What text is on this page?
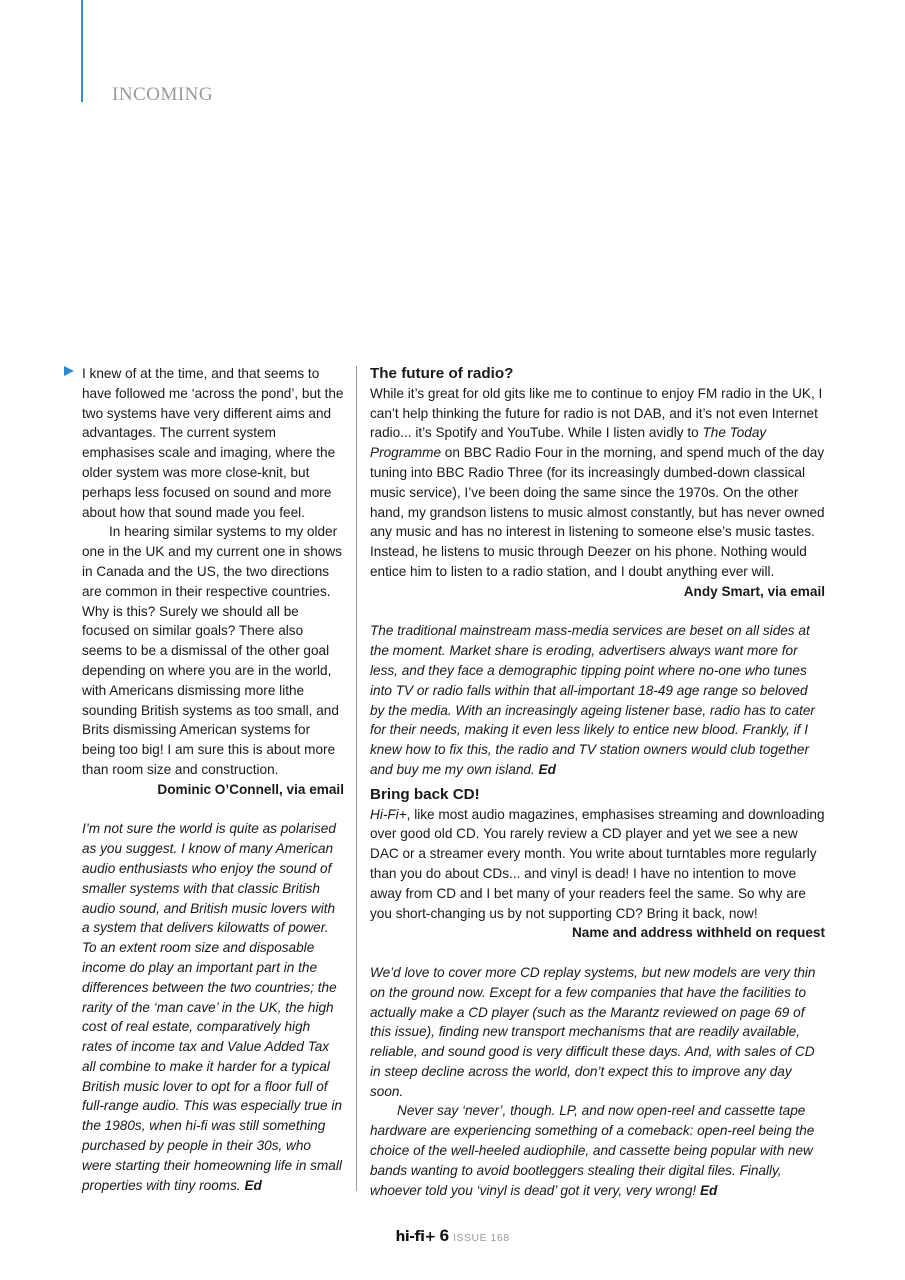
INCOMING

I knew of at the time, and that seems to have followed me ‘across the pond’, but the two systems have very different aims and advantages. The current system emphasises scale and imaging, where the older system was more close-knit, but perhaps less focused on sound and more about how that sound made you feel.

In hearing similar systems to my older one in the UK and my current one in shows in Canada and the US, the two directions are common in their respective countries. Why is this? Surely we should all be focused on similar goals? There also seems to be a dismissal of the other goal depending on where you are in the world, with Americans dismissing more lithe sounding British systems as too small, and Brits dismissing American systems for being too big! I am sure this is about more than room size and construction.

Dominic O’Connell, via email

I’m not sure the world is quite as polarised as you suggest. I know of many American audio enthusiasts who enjoy the sound of smaller systems with that classic British audio sound, and British music lovers with a system that delivers kilowatts of power. To an extent room size and disposable income do play an important part in the differences between the two countries; the rarity of the ‘man cave’ in the UK, the high cost of real estate, comparatively high rates of income tax and Value Added Tax all combine to make it harder for a typical British music lover to opt for a floor full of full-range audio. This was especially true in the 1980s, when hi-fi was still something purchased by people in their 30s, who were starting their homeowning life in small properties with tiny rooms. Ed

The future of radio?

While it’s great for old gits like me to continue to enjoy FM radio in the UK, I can’t help thinking the future for radio is not DAB, and it’s not even Internet radio... it’s Spotify and YouTube. While I listen avidly to The Today Programme on BBC Radio Four in the morning, and spend much of the day tuning into BBC Radio Three (for its increasingly dumbed-down classical music service), I’ve been doing the same since the 1970s. On the other hand, my grandson listens to music almost constantly, but has never owned any music and has no interest in listening to someone else’s music tastes. Instead, he listens to music through Deezer on his phone. Nothing would entice him to listen to a radio station, and I doubt anything ever will.

Andy Smart, via email

The traditional mainstream mass-media services are beset on all sides at the moment. Market share is eroding, advertisers always want more for less, and they face a demographic tipping point where no-one who tunes into TV or radio falls within that all-important 18-49 age range so beloved by the media. With an increasingly ageing listener base, radio has to cater for their needs, making it even less likely to entice new blood. Frankly, if I knew how to fix this, the radio and TV station owners would club together and buy me my own island. Ed

Bring back CD!

Hi-Fi+, like most audio magazines, emphasises streaming and downloading over good old CD. You rarely review a CD player and yet we see a new DAC or a streamer every month. You write about turntables more regularly than you do about CDs... and vinyl is dead! I have no intention to move away from CD and I bet many of your readers feel the same. So why are you short-changing us by not supporting CD? Bring it back, now!

Name and address withheld on request

We’d love to cover more CD replay systems, but new models are very thin on the ground now. Except for a few companies that have the facilities to actually make a CD player (such as the Marantz reviewed on page 69 of this issue), finding new transport mechanisms that are readily available, reliable, and sound good is very difficult these days. And, with sales of CD in steep decline across the world, don’t expect this to improve any day soon.

Never say ‘never’, though. LP, and now open-reel and cassette tape hardware are experiencing something of a comeback: open-reel being the choice of the well-heeled audiophile, and cassette being popular with new bands wanting to avoid bootleggers stealing their digital files. Finally, whoever told you ‘vinyl is dead’ got it very, very wrong! Ed

hi-fi+ 6 ISSUE 168
